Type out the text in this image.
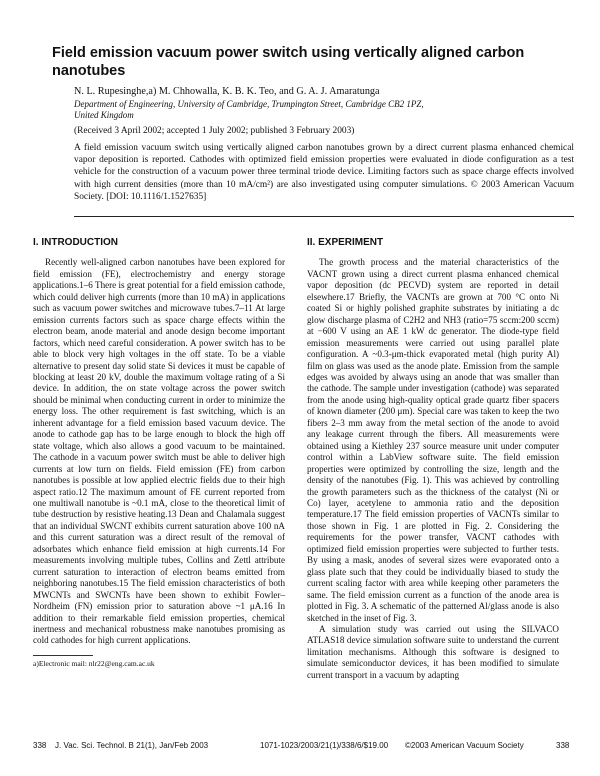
Field emission vacuum power switch using vertically aligned carbon nanotubes
N. L. Rupesinghe,a) M. Chhowalla, K. B. K. Teo, and G. A. J. Amaratunga
Department of Engineering, University of Cambridge, Trumpington Street, Cambridge CB2 1PZ,
United Kingdom
(Received 3 April 2002; accepted 1 July 2002; published 3 February 2003)
A field emission vacuum switch using vertically aligned carbon nanotubes grown by a direct current plasma enhanced chemical vapor deposition is reported. Cathodes with optimized field emission properties were evaluated in diode configuration as a test vehicle for the construction of a vacuum power three terminal triode device. Limiting factors such as space charge effects involved with high current densities (more than 10 mA/cm²) are also investigated using computer simulations. © 2003 American Vacuum Society. [DOI: 10.1116/1.1527635]
I. INTRODUCTION

Recently well-aligned carbon nanotubes have been explored for field emission (FE), electrochemistry and energy storage applications.1–6 There is great potential for a field emission cathode, which could deliver high currents (more than 10 mA) in applications such as vacuum power switches and microwave tubes.7–11 At large emission currents factors such as space charge effects within the electron beam, anode material and anode design become important factors, which need careful consideration. A power switch has to be able to block very high voltages in the off state. To be a viable alternative to present day solid state Si devices it must be capable of blocking at least 20 kV, double the maximum voltage rating of a Si device. In addition, the on state voltage across the power switch should be minimal when conducting current in order to minimize the energy loss. The other requirement is fast switching, which is an inherent advantage for a field emission based vacuum device. The anode to cathode gap has to be large enough to block the high off state voltage, which also allows a good vacuum to be maintained. The cathode in a vacuum power switch must be able to deliver high currents at low turn on fields. Field emission (FE) from carbon nanotubes is possible at low applied electric fields due to their high aspect ratio.12 The maximum amount of FE current reported from one multiwall nanotube is ~0.1 mA, close to the theoretical limit of tube destruction by resistive heating.13 Dean and Chalamala suggest that an individual SWCNT exhibits current saturation above 100 nA and this current saturation was a direct result of the removal of adsorbates which enhance field emission at high currents.14 For measurements involving multiple tubes, Collins and Zettl attribute current saturation to interaction of electron beams emitted from neighboring nanotubes.15 The field emission characteristics of both MWCNTs and SWCNTs have been shown to exhibit Fowler–Nordheim (FN) emission prior to saturation above ~1 μA.16 In addition to their remarkable field emission properties, chemical inertness and mechanical robustness make nanotubes promising as cold cathodes for high current applications.

II. EXPERIMENT

The growth process and the material characteristics of the VACNT grown using a direct current plasma enhanced chemical vapor deposition (dc PECVD) system are reported in detail elsewhere.17 Briefly, the VACNTs are grown at 700 °C onto Ni coated Si or highly polished graphite substrates by initiating a dc glow discharge plasma of C2H2 and NH3 (ratio=75 sccm:200 sccm) at −600 V using an AE 1 kW dc generator. The diode-type field emission measurements were carried out using parallel plate configuration. A ~0.3-μm-thick evaporated metal (high purity Al) film on glass was used as the anode plate. Emission from the sample edges was avoided by always using an anode that was smaller than the cathode. The sample under investigation (cathode) was separated from the anode using high-quality optical grade quartz fiber spacers of known diameter (200 μm). Special care was taken to keep the two fibers 2–3 mm away from the metal section of the anode to avoid any leakage current through the fibers. All measurements were obtained using a Kiethley 237 source measure unit under computer control within a LabView software suite. The field emission properties were optimized by controlling the size, length and the density of the nanotubes (Fig. 1). This was achieved by controlling the growth parameters such as the thickness of the catalyst (Ni or Co) layer, acetylene to ammonia ratio and the deposition temperature.17 The field emission properties of VACNTs similar to those shown in Fig. 1 are plotted in Fig. 2. Considering the requirements for the power transfer, VACNT cathodes with optimized field emission properties were subjected to further tests. By using a mask, anodes of several sizes were evaporated onto a glass plate such that they could be individually biased to study the current scaling factor with area while keeping other parameters the same. The field emission current as a function of the anode area is plotted in Fig. 3. A schematic of the patterned Al/glass anode is also sketched in the inset of Fig. 3.

A simulation study was carried out using the SILVACO ATLAS18 device simulation software suite to understand the current limitation mechanisms. Although this software is designed to simulate semiconductor devices, it has been modified to simulate current transport in a vacuum by adapting

a)Electronic mail: nlr22@eng.cam.ac.uk
338 J. Vac. Sci. Technol. B 21(1), Jan/Feb 2003	1071-1023/2003/21(1)/338/6/$19.00 ©2003 American Vacuum Society	338
